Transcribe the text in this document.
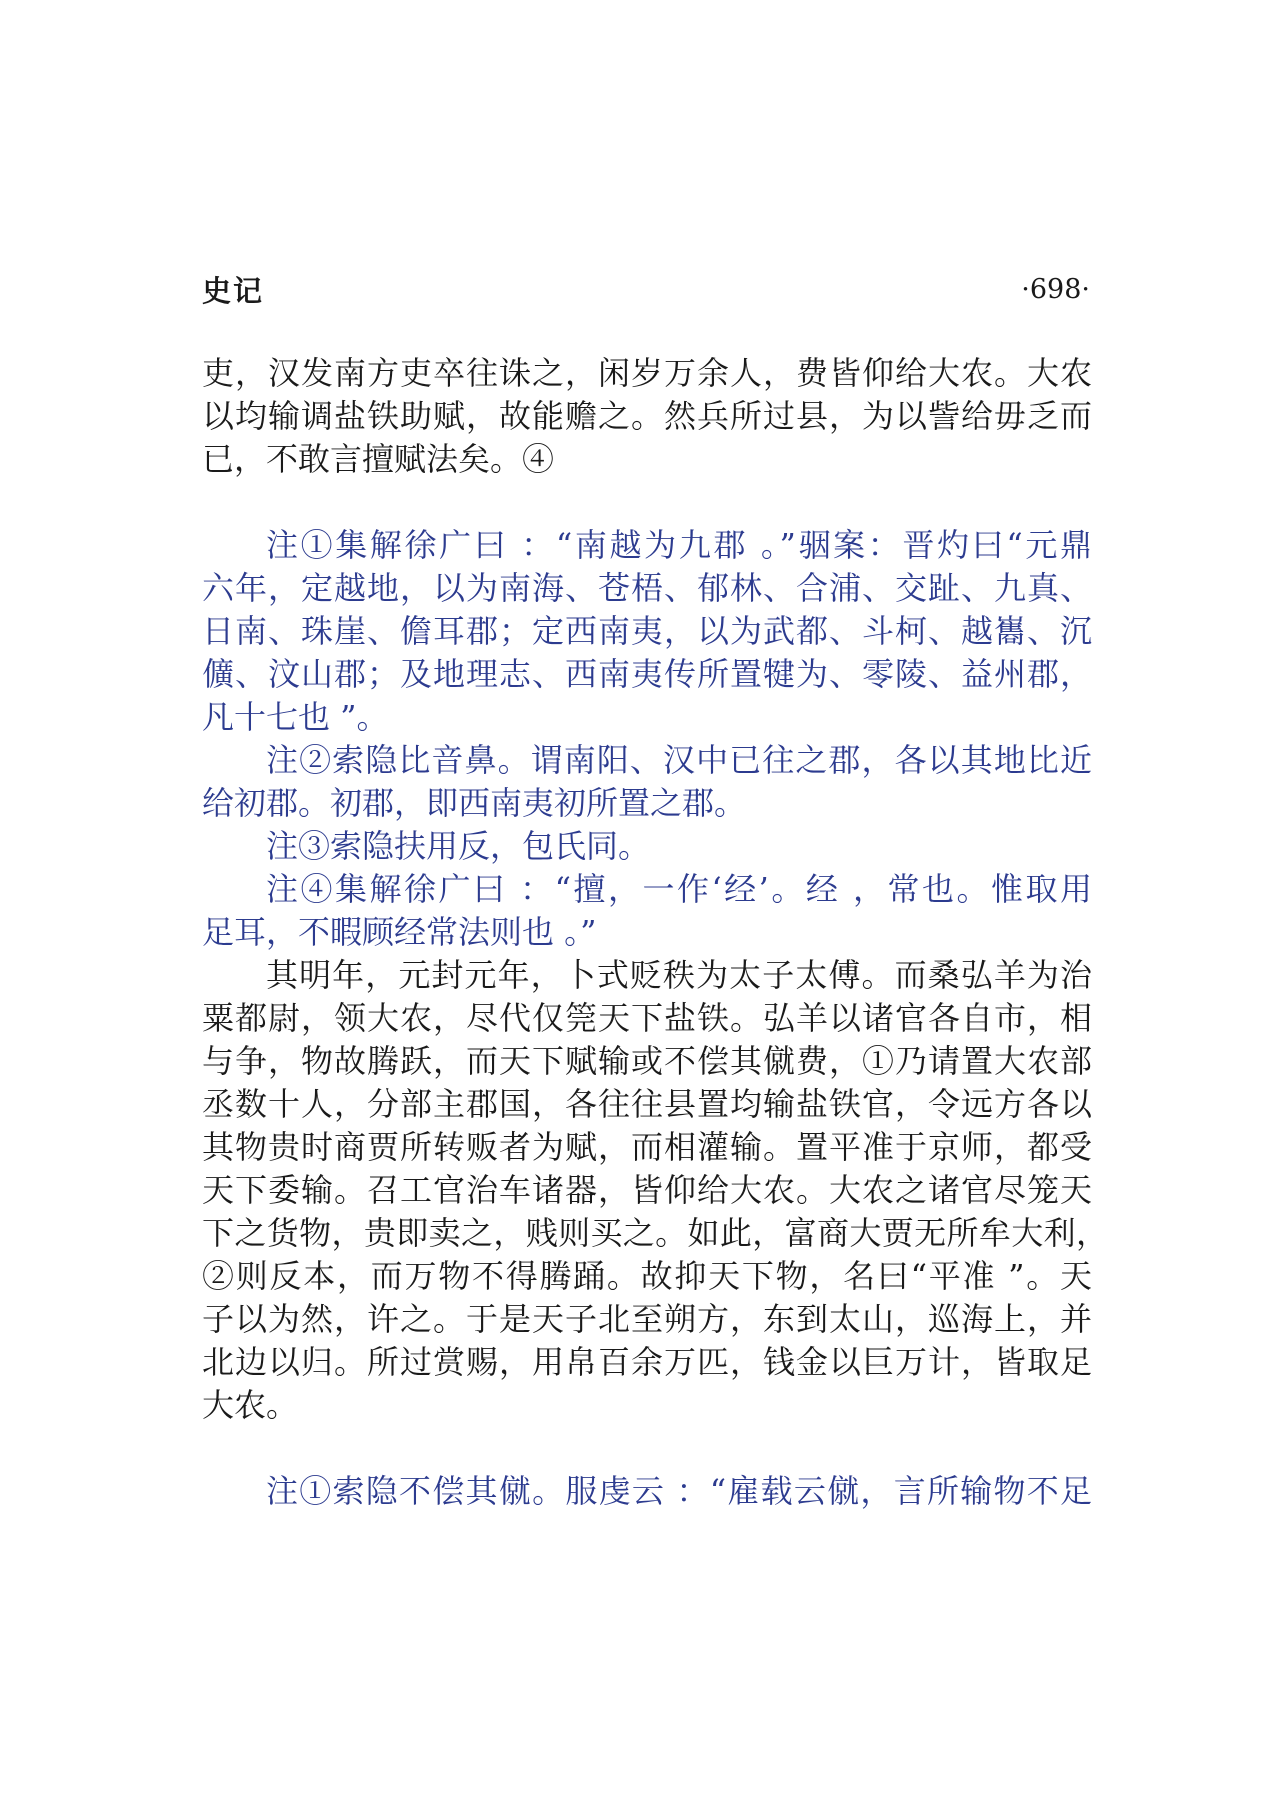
史记	·698·
吏，汉发南方吏卒往诛之，闲岁万余人，费皆仰给大农。大农
以均输调盐铁助赋，故能赡之。然兵所过县，为以訾给毋乏而
已，不敢言擅赋法矣。④
注①集解徐广曰 ：“南越为九郡 。”骃案：晋灼曰“元鼎
六年，定越地，以为南海、苍梧、郁林、合浦、交趾、九真、
日南、珠崖、儋耳郡；定西南夷，以为武都、斗柯、越巂、沉
儣、汶山郡；及地理志、西南夷传所置犍为、零陵、益州郡，
凡十七也 ”。
注②索隐比音鼻。谓南阳、汉中已往之郡，各以其地比近
给初郡。初郡，即西南夷初所置之郡。
注③索隐扶用反，包氏同。
注④集解徐广曰 ：“擅，一作‘经’。经 ，常也。惟取用
足耳，不暇顾经常法则也 。”
其明年，元封元年，卜式贬秩为太子太傅。而桑弘羊为治
粟都尉，领大农，尽代仅筦天下盐铁。弘羊以诸官各自市，相
与争，物故腾跃，而天下赋输或不偿其僦费，①乃请置大农部
丞数十人，分部主郡国，各往往县置均输盐铁官，令远方各以
其物贵时商贾所转贩者为赋，而相灌输。置平准于京师，都受
天下委输。召工官治车诸器，皆仰给大农。大农之诸官尽笼天
下之货物，贵即卖之，贱则买之。如此，富商大贾无所牟大利，
②则反本，而万物不得腾踊。故抑天下物，名曰“平准 ”。天
子以为然，许之。于是天子北至朔方，东到太山，巡海上，并
北边以归。所过赏赐，用帛百余万匹，钱金以巨万计，皆取足
大农。
注①索隐不偿其僦。服虔云 ：“雇载云僦，言所输物不足
